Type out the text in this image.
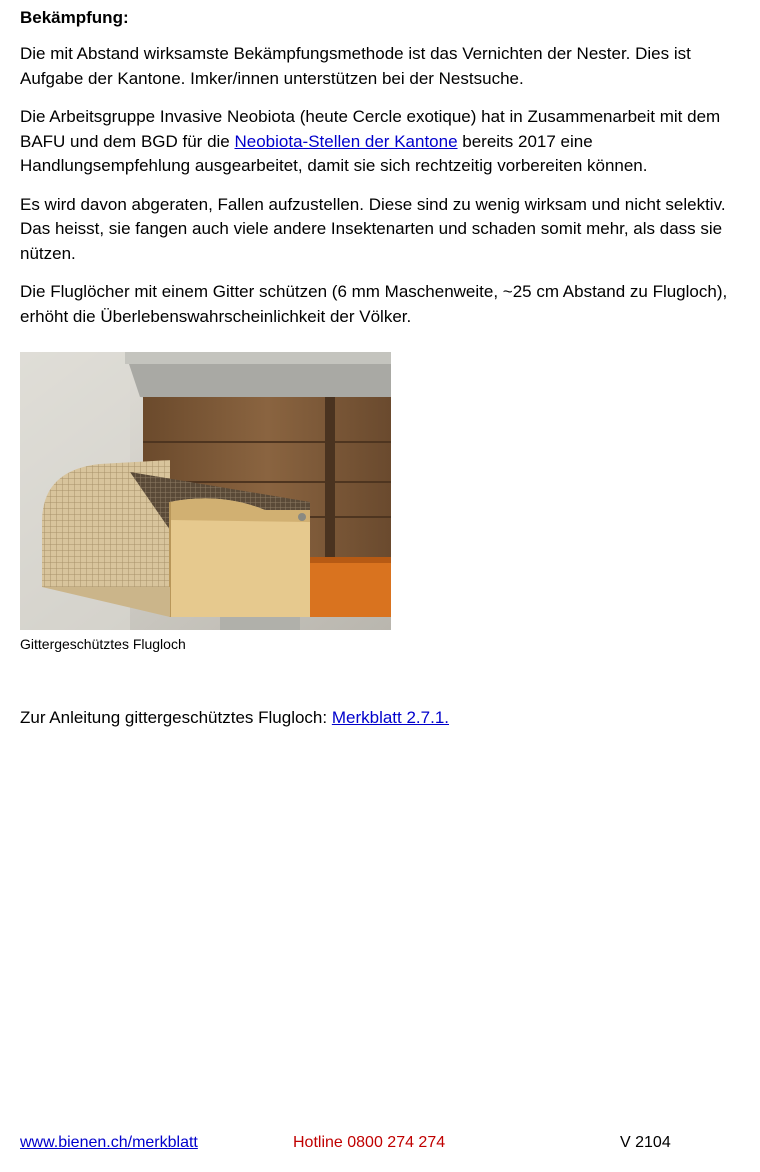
Bekämpfung:

Die mit Abstand wirksamste Bekämpfungsmethode ist das Vernichten der Nester. Dies ist Aufgabe der Kantone. Imker/innen unterstützen bei der Nestsuche.

Die Arbeitsgruppe Invasive Neobiota (heute Cercle exotique) hat in Zusammenarbeit mit dem BAFU und dem BGD für die Neobiota-Stellen der Kantone bereits 2017 eine Handlungsempfehlung ausgearbeitet, damit sie sich rechtzeitig vorbereiten können.

Es wird davon abgeraten, Fallen aufzustellen. Diese sind zu wenig wirksam und nicht selektiv. Das heisst, sie fangen auch viele andere Insektenarten und schaden somit mehr, als dass sie nützen.

Die Fluglöcher mit einem Gitter schützen (6 mm Maschenweite, ~25 cm Abstand zu Flugloch), erhöht die Überlebenswahrscheinlichkeit der Völker.

Gittergeschütztes Flugloch
Zur Anleitung gittergeschütztes Flugloch: Merkblatt 2.7.1.
www.bienen.ch/merkblatt	Hotline 0800 274 274	V 2104
